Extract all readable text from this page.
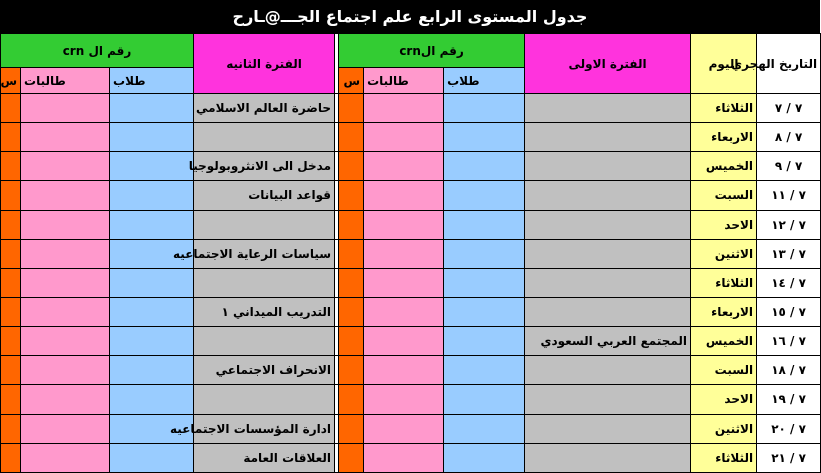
جدول المستوى الرابع علم اجتماع الجـــ@ـارح
التاريخ الهجري	اليوم	الفترة الاولى	رقم الcrn				الفترة الثانيه	رقم ال crn		
			طلاب	طالبات	س			طلاب	طالبات	س
٧ / ٧	الثلاثاء						حاضرة العالم الاسلامي			
٧ / ٨	الاربعاء									
٧ / ٩	الخميس						مدخل الى الانثروبولوجيا			
٧ / ١١	السبت						قواعد البيانات			
٧ / ١٢	الاحد									
٧ / ١٣	الاثنين						سياسات الرعاية الاجتماعيه			
٧ / ١٤	الثلاثاء									
٧ / ١٥	الاربعاء						التدريب الميداني ١			
٧ / ١٦	الخميس	المجتمع العربي السعودي								
٧ / ١٨	السبت						الانحراف الاجتماعي			
٧ / ١٩	الاحد									
٧ / ٢٠	الاثنين						ادارة المؤسسات الاجتماعيه			
٧ / ٢١	الثلاثاء						العلاقات العامة			
